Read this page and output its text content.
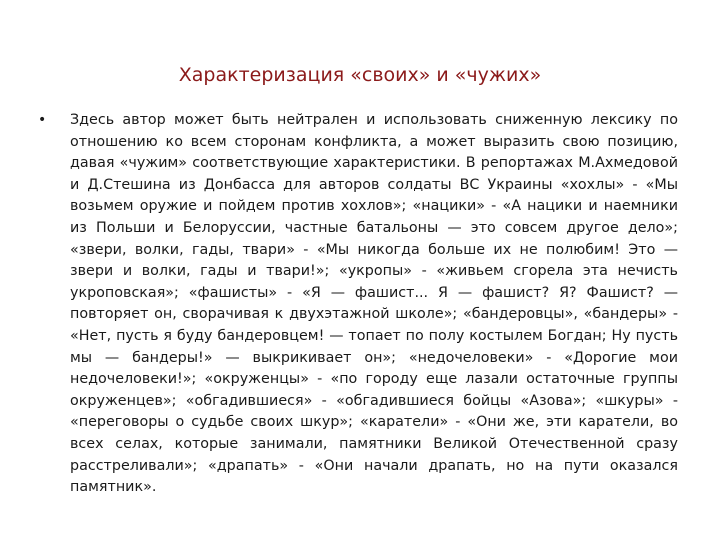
Характеризация «своих» и «чужих»
•	Здесь автор может быть нейтрален и использовать сниженную лексику по отношению ко всем сторонам конфликта, а может выразить свою позицию, давая «чужим» соответствующие характеристики. В репортажах М.Ахмедовой и Д.Стешина из Донбасса для авторов солдаты ВС Украины «хохлы» - «Мы возьмем оружие и пойдем против хохлов»; «нацики» - «А нацики и наемники из Польши и Белоруссии, частные батальоны — это совсем другое дело»; «звери, волки, гады, твари» - «Мы никогда больше их не полюбим! Это — звери и волки, гады и твари!»; «укропы» - «живьем сгорела эта нечисть укроповская»; «фашисты» - «Я — фашист... Я — фашист? Я? Фашист? — повторяет он, сворачивая к двухэтажной школе»; «бандеровцы», «бандеры» - «Нет, пусть я буду бандеровцем! — топает по полу костылем Богдан; Ну пусть мы — бандеры!» — выкрикивает он»; «недочеловеки» - «Дорогие мои недочеловеки!»; «окруженцы» - «по городу еще лазали остаточные группы окруженцев»; «обгадившиеся» - «обгадившиеся бойцы «Азова»; «шкуры» - «переговоры о судьбе своих шкур»; «каратели» - «Они же, эти каратели, во всех селах, которые занимали, памятники Великой Отечественной сразу расстреливали»; «драпать» - «Они начали драпать, но на пути оказался памятник».
